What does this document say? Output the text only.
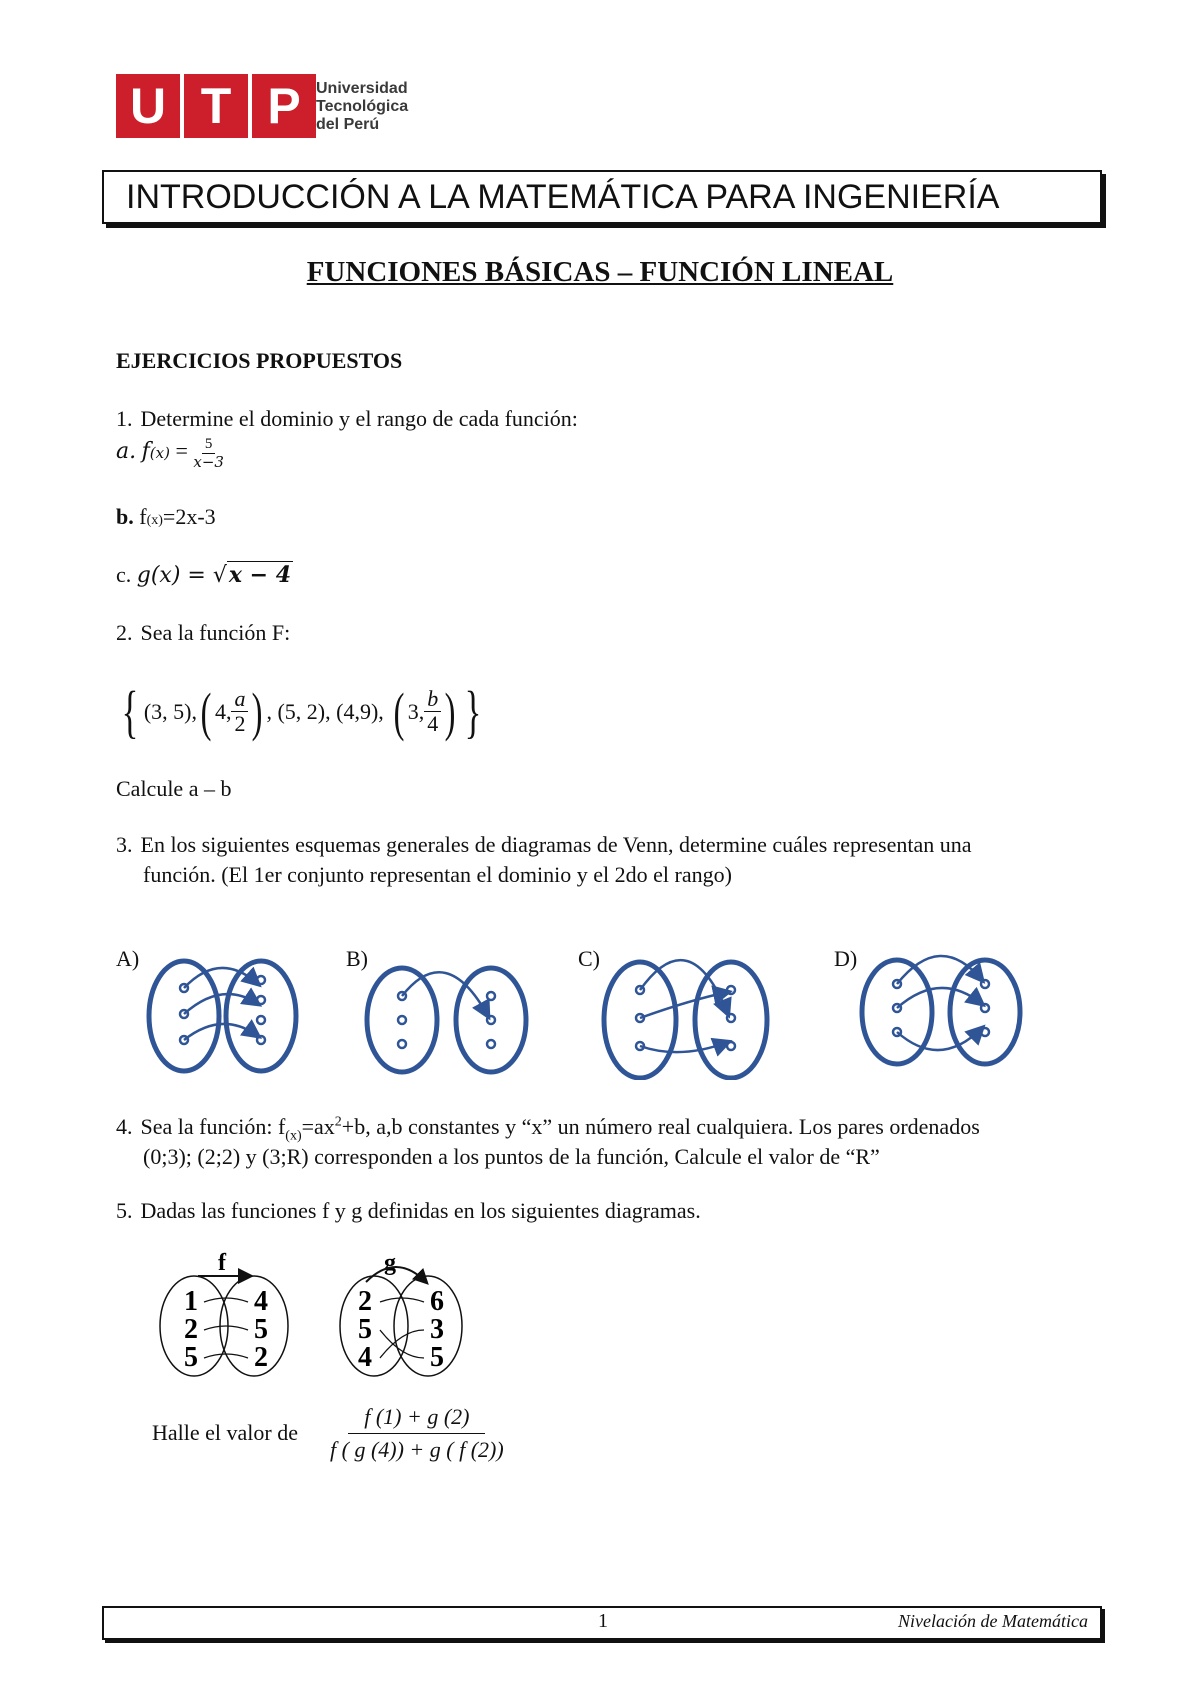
U T P Universidad
Tecnológica
del Perú
INTRODUCCIÓN A LA MATEMÁTICA PARA INGENIERÍA
FUNCIONES BÁSICAS – FUNCIÓN LINEAL
EJERCICIOS PROPUESTOS
1. Determine el dominio y el rango de cada función:
a. $f(x) = \frac{5}{x-3}$
b. f(x)=2x-3
c. g(x) = √x − 4
2. Sea la función F:
{ (3, 5), ( 4, $\frac{a}{2}$ ) , (5, 2), (4,9), ( 3, $\frac{b}{4}$ ) }
Calcule a – b
3. En los siguientes esquemas generales de diagramas de Venn, determine cuáles representan una
función. (El 1er conjunto representan el dominio y el 2do el rango)
A)	B)	C)	D)
4. Sea la función: $f_{(x)}=ax^2+b$, a,b constantes y “x” un número real cualquiera. Los pares ordenados
(0;3); (2;2) y (3;R) corresponden a los puntos de la función, Calcule el valor de “R”
5. Dadas las funciones f y g definidas en los siguientes diagramas.
f
1
2
5
4
5
2
g
2
5
4
6
3
5
Halle el valor de $\frac{f (1) + g (2)}{f ( g (4)) + g ( f (2))}$
1	Nivelación de Matemática
